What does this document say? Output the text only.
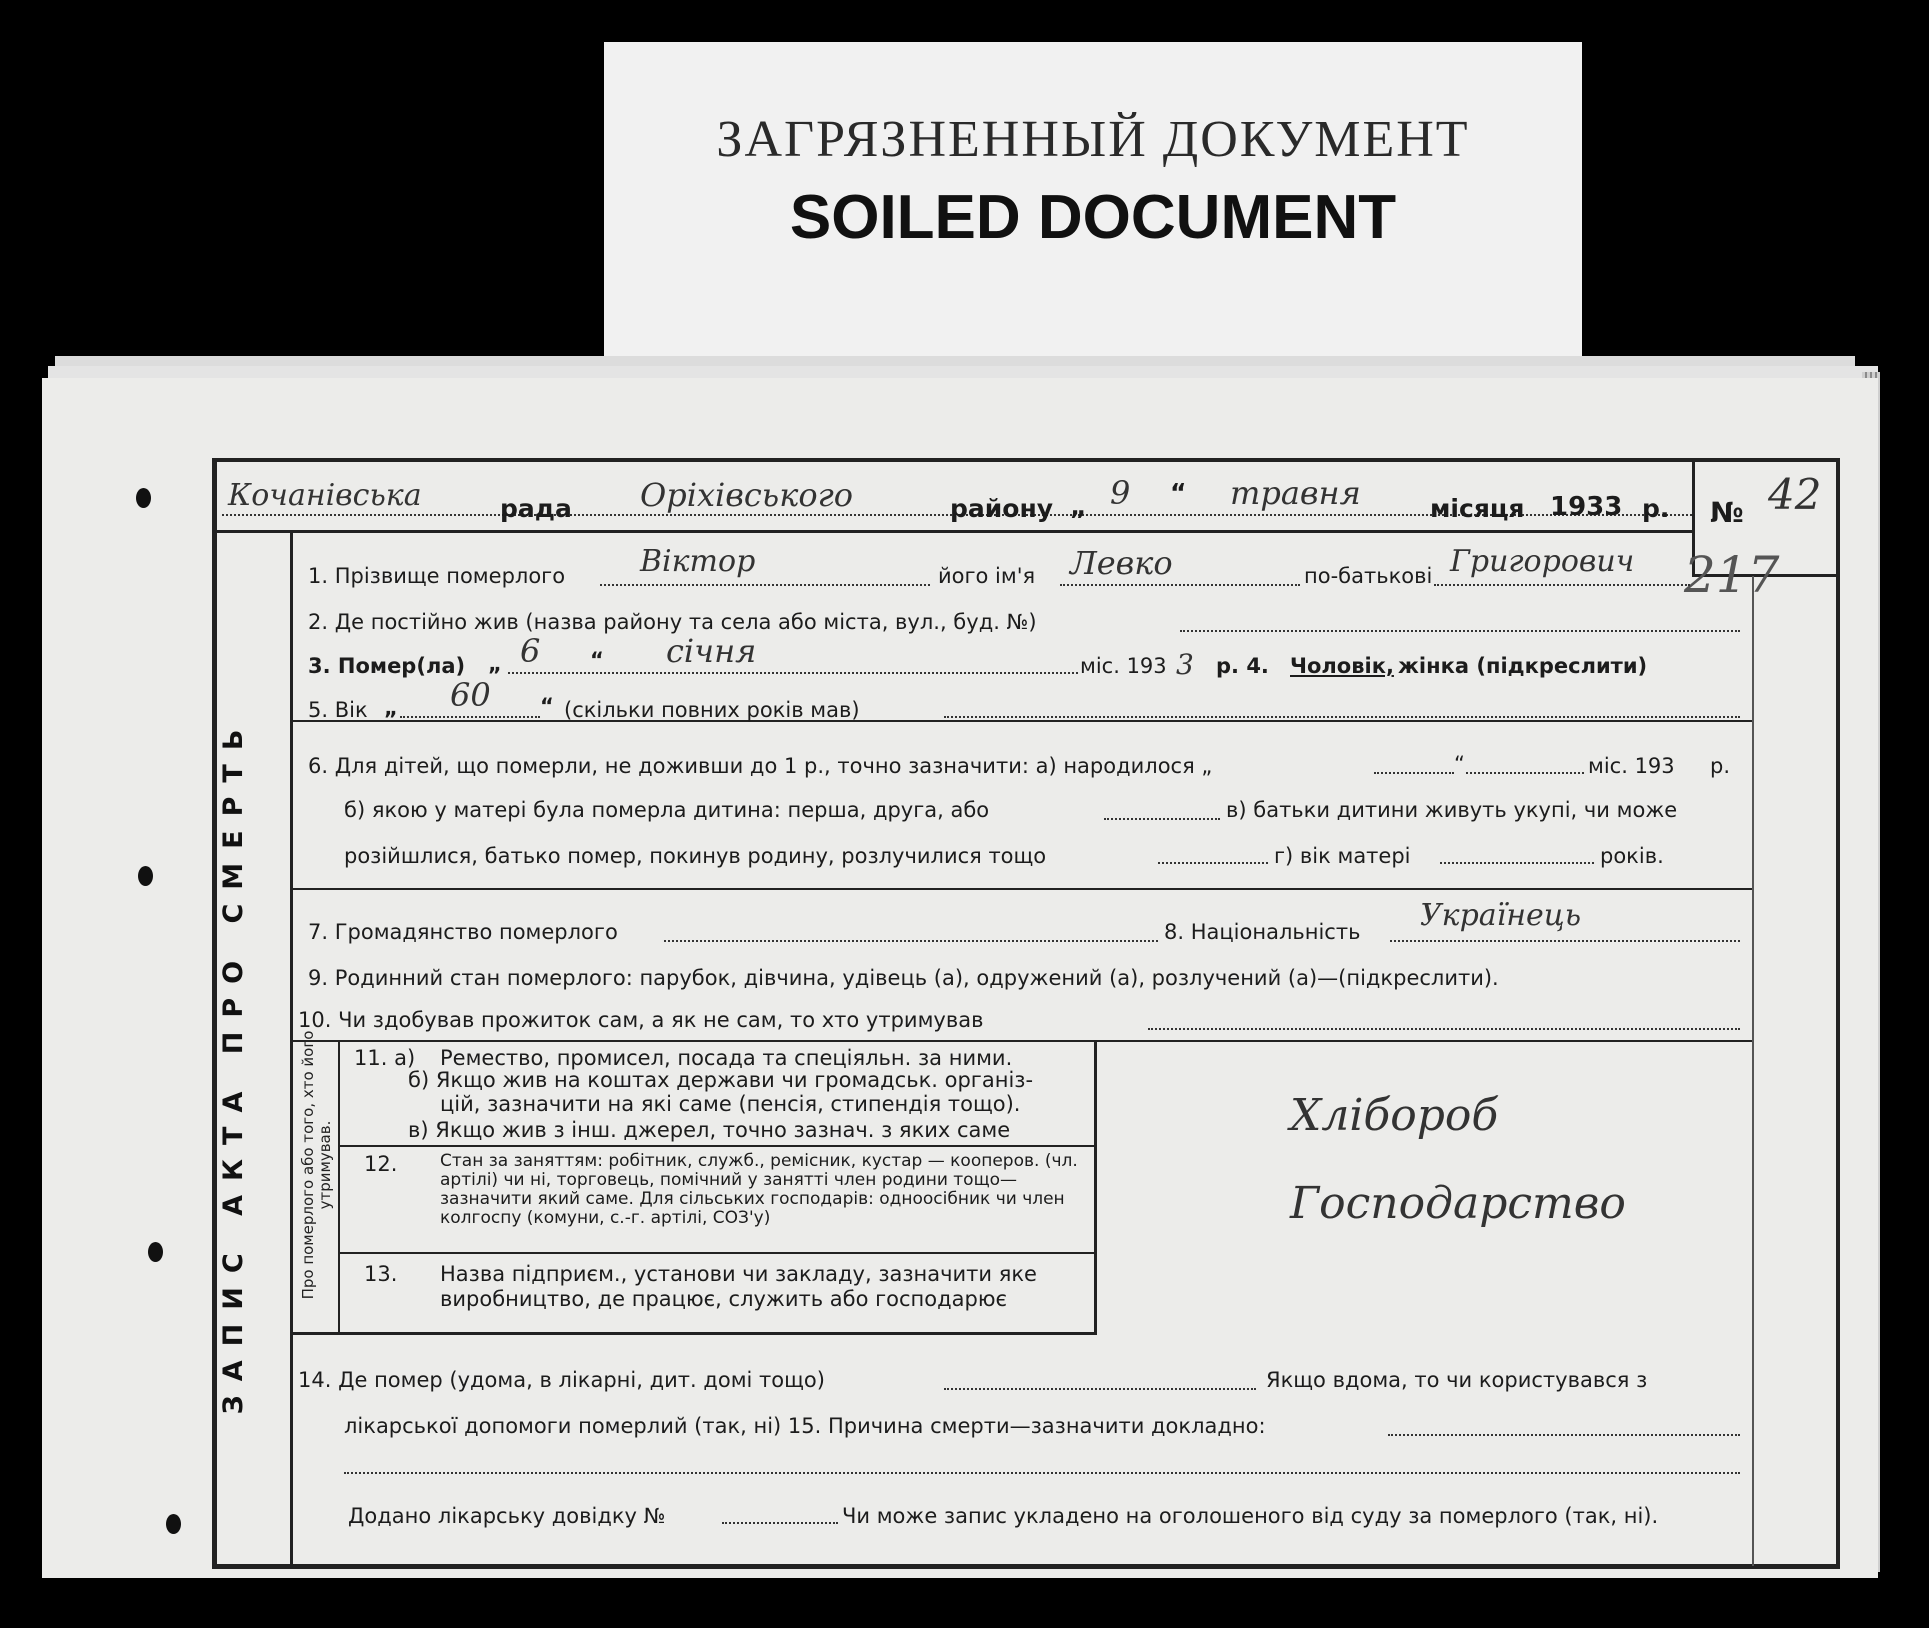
ЗАГРЯЗНЕННЫЙ ДОКУМЕНТ
SOILED DOCUMENT
ЗАПИС АКТА ПРО СМЕРТЬ	Про померлого або того, хто його утримував.
Кочанівська	рада Оріхівського	району „ 9 “ травня	місяця 1933 р. № 42
217
1. Прізвище померлого Віктор	його ім'я Левко	по-батькові Григорович
2. Де постійно жив (назва району та села або міста, вул., буд. №)
3. Помер(ла) „ 6 “ січня	міс. 193 3 р. 4. Чоловік, жінка (підкреслити)
5. Вік „ 60 “ (скільки повних років мав)
6. Для дітей, що померли, не доживши до 1 р., точно зазначити: а) народилося „	“	міс. 193 р.
б) якою у матері була померла дитина: перша, друга, або	в) батьки дитини живуть укупі, чи може
розійшлися, батько помер, покинув родину, розлучилися тощо	г) вік матері	років.
7. Громадянство померлого	8. Національність Українець
9. Родинний стан померлого: парубок, дівчина, удівець (а), одружений (а), розлучений (а)—(підкреслити).
10. Чи здобував прожиток сам, а як не сам, то хто утримував
11. а) Ремество, промисел, посада та спеціяльн. за ними.
б) Якщо жив на коштах держави чи громадськ. організ-
цій, зазначити на які саме (пенсія, стипендія тощо).
в) Якщо жив з інш. джерел, точно зазнач. з яких саме	Хлібороб
Господарство
12.	Стан за заняттям: робітник, служб., ремісник, кустар — кооперов. (чл. артілі) чи ні, торговець, помічний у занятті член родини тощо—зазначити який саме. Для сільських господарів: одноосібник чи член колгоспу (комуни, с.-г. артілі, СОЗ'у)
13. Назва підприєм., установи чи закладу, зазначити яке виробництво, де працює, служить або господарює
14. Де помер (удома, в лікарні, дит. домі тощо)	Якщо вдома, то чи користувався з
лікарської допомоги померлий (так, ні) 15. Причина смерти—зазначити докладно:
Додано лікарську довідку №	Чи може запис укладено на оголошеного від суду за померлого (так, ні).
